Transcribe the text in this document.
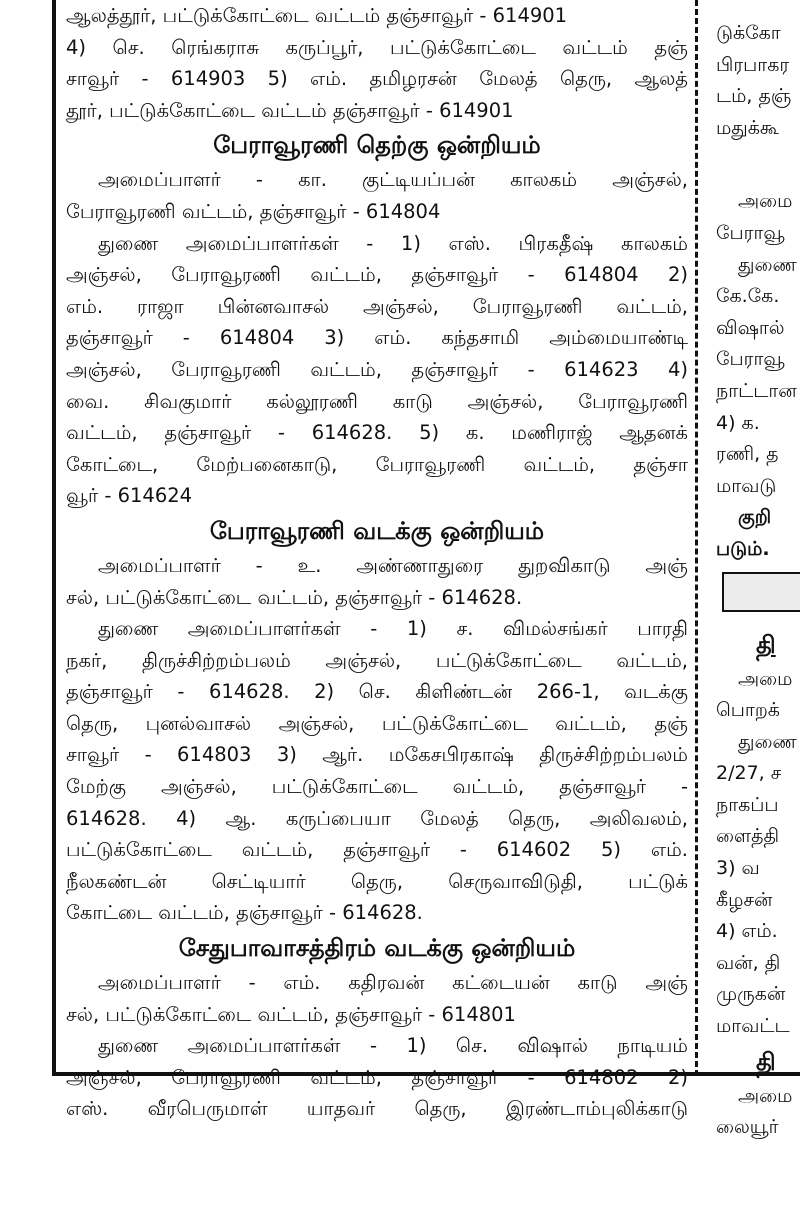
ஆலத்தூர், பட்டுக்கோட்டை வட்டம் தஞ்சாவூர் - 614901
4) செ. ரெங்கராசு கருப்பூர், பட்டுக்கோட்டை வட்டம் தஞ்
சாவூர் - 614903 5) எம். தமிழரசன் மேலத் தெரு, ஆலத்
தூர், பட்டுக்கோட்டை வட்டம் தஞ்சாவூர் - 614901
பேராவூரணி தெற்கு ஒன்றியம்
அமைப்பாளர் - கா. குட்டியப்பன் காலகம் அஞ்சல்,
பேராவூரணி வட்டம், தஞ்சாவூர் - 614804
துணை அமைப்பாளர்கள் - 1) எஸ். பிரகதீஷ் காலகம்
அஞ்சல், பேராவூரணி வட்டம், தஞ்சாவூர் - 614804 2)
எம். ராஜா பின்னவாசல் அஞ்சல், பேராவூரணி வட்டம்,
தஞ்சாவூர் - 614804 3) எம். கந்தசாமி அம்மையாண்டி
அஞ்சல், பேராவூரணி வட்டம், தஞ்சாவூர் - 614623 4)
வை. சிவகுமார் கல்லூரணி காடு அஞ்சல், பேராவூரணி
வட்டம், தஞ்சாவூர் - 614628. 5) க. மணிராஜ் ஆதனக்
கோட்டை, மேற்பனைகாடு, பேராவூரணி வட்டம், தஞ்சா
வூர் - 614624
பேராவூரணி வடக்கு ஒன்றியம்
அமைப்பாளர் - உ. அண்ணாதுரை துறவிகாடு அஞ்
சல், பட்டுக்கோட்டை வட்டம், தஞ்சாவூர் - 614628.
துணை அமைப்பாளர்கள் - 1) ச. விமல்சங்கர் பாரதி
நகர், திருச்சிற்றம்பலம் அஞ்சல், பட்டுக்கோட்டை வட்டம்,
தஞ்சாவூர் - 614628. 2) செ. கிளிண்டன் 266-1, வடக்கு
தெரு, புனல்வாசல் அஞ்சல், பட்டுக்கோட்டை வட்டம், தஞ்
சாவூர் - 614803 3) ஆர். மகேசபிரகாஷ் திருச்சிற்றம்பலம்
மேற்கு அஞ்சல், பட்டுக்கோட்டை வட்டம், தஞ்சாவூர் -
614628. 4) ஆ. கருப்பையா மேலத் தெரு, அலிவலம்,
பட்டுக்கோட்டை வட்டம், தஞ்சாவூர் - 614602 5) எம்.
நீலகண்டன் செட்டியார் தெரு, செருவாவிடுதி, பட்டுக்
கோட்டை வட்டம், தஞ்சாவூர் - 614628.
சேதுபாவாசத்திரம் வடக்கு ஒன்றியம்
அமைப்பாளர் - எம். கதிரவன் கட்டையன் காடு அஞ்
சல், பட்டுக்கோட்டை வட்டம், தஞ்சாவூர் - 614801
துணை அமைப்பாளர்கள் - 1) செ. விஷால் நாடியம்
அஞ்சல், பேராவூரணி வட்டம், தஞ்சாவூர் - 614802 2)
எஸ். வீரபெருமாள் யாதவர் தெரு, இரண்டாம்புலிக்காடு
டுக்கோ
பிரபாகர
டம், தஞ்
மதுக்கூ
அமை
பேராவூ
துணை
கே.கே.
விஷால்
பேராவூ
நாட்டான
4) க.
ரணி, த
மாவடு
குறி
படும்.
தி
அமை
பொறக்
துணை
2/27, ச
நாகப்ப
ளைத்தி
3) வ
கீழசன்
4) எம்.
வன், தி
முருகன்
மாவட்ட
தி
அமை
லையூர்
